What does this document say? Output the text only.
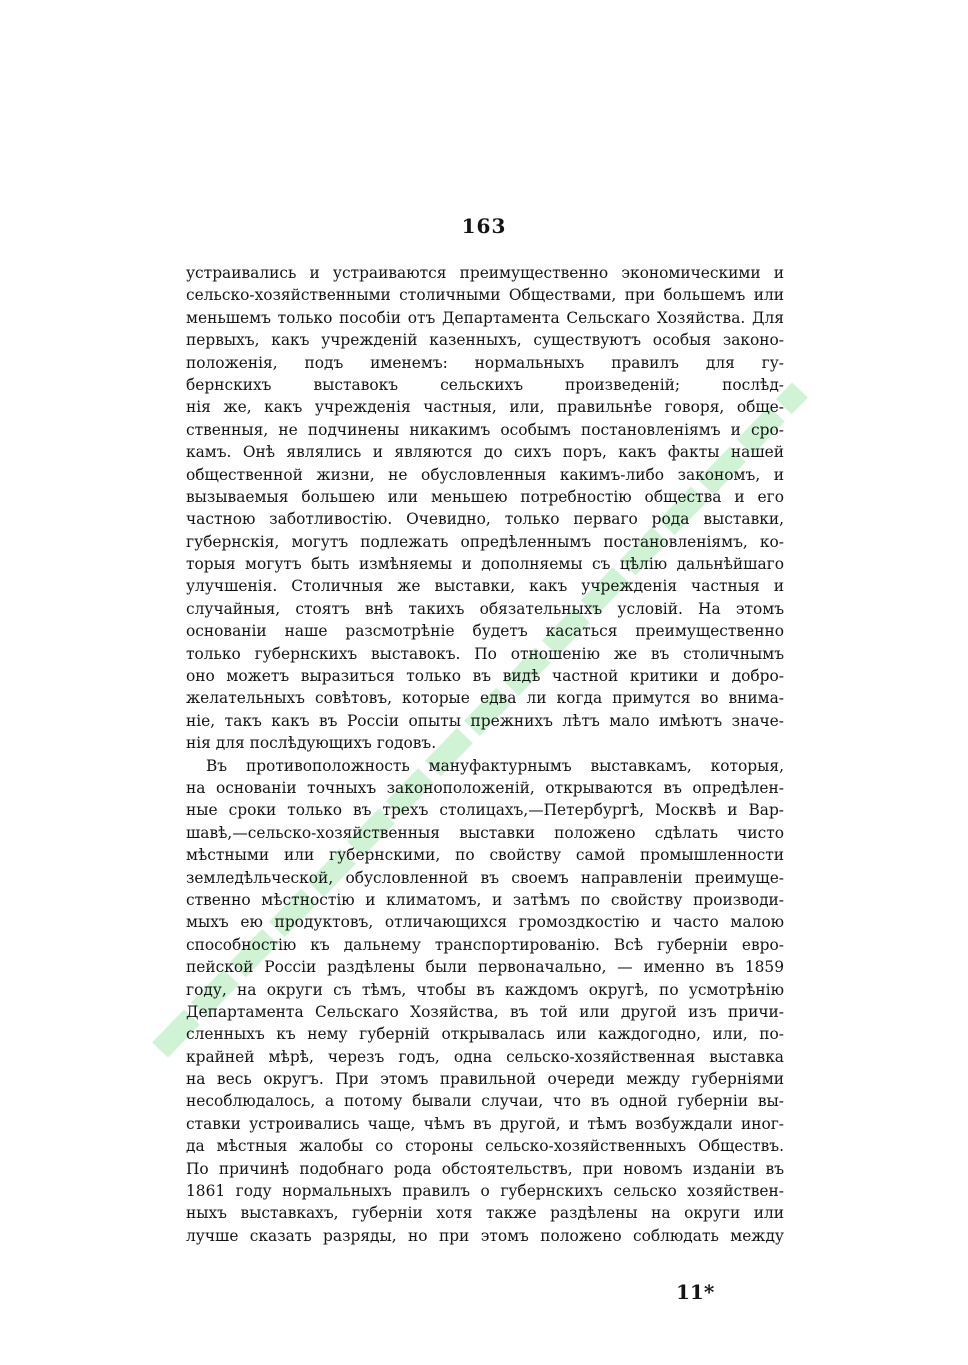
163
устраивались и устраиваются преимущественно экономическими и
сельско-хозяйственными столичными Обществами, при большемъ или
меньшемъ только пособіи отъ Департамента Сельскаго Хозяйства. Для
первыхъ, какъ учрежденій казенныхъ, существуютъ особыя законо-
положенія, подъ именемъ: нормальныхъ правилъ для гу-
бернскихъ выставокъ сельскихъ произведеній; послѣд-
нія же, какъ учрежденія частныя, или, правильнѣе говоря, обще-
ственныя, не подчинены никакимъ особымъ постановленіямъ и сро-
камъ. Онѣ являлись и являются до сихъ поръ, какъ факты нашей
общественной жизни, не обусловленныя какимъ-либо закономъ, и
вызываемыя большею или меньшею потребностію общества и его
частною заботливостію. Очевидно, только перваго рода выставки,
губернскія, могутъ подлежать опредѣленнымъ постановленіямъ, ко-
торыя могутъ быть измѣняемы и дополняемы съ цѣлію дальнѣйшаго
улучшенія. Столичныя же выставки, какъ учрежденія частныя и
случайныя, стоятъ внѣ такихъ обязательныхъ условій. На этомъ
основаніи наше разсмотрѣніе будетъ касаться преимущественно
только губернскихъ выставокъ. По отношенію же въ столичнымъ
оно можетъ выразиться только въ видѣ частной критики и добро-
желательныхъ совѣтовъ, которые едва ли когда примутся во внима-
ніе, такъ какъ въ Россіи опыты прежнихъ лѣтъ мало имѣютъ значе-
нія для послѣдующихъ годовъ.
Въ противоположность мануфактурнымъ выставкамъ, которыя,
на основаніи точныхъ законоположеній, открываются въ опредѣлен-
ные сроки только въ трехъ столицахъ,—Петербургѣ, Москвѣ и Вар-
шавѣ,—сельско-хозяйственныя выставки положено сдѣлать чисто
мѣстными или губернскими, по свойству самой промышленности
земледѣльческой, обусловленной въ своемъ направленіи преимуще-
ственно мѣстностію и климатомъ, и затѣмъ по свойству производи-
мыхъ ею продуктовъ, отличающихся громоздкостію и часто малою
способностію къ дальнему транспортированію. Всѣ губерніи евро-
пейской Россіи раздѣлены были первоначально, — именно въ 1859
году, на округи съ тѣмъ, чтобы въ каждомъ округѣ, по усмотрѣнію
Департамента Сельскаго Хозяйства, въ той или другой изъ причи-
сленныхъ къ нему губерній открывалась или каждогодно, или, по-
крайней мѣрѣ, черезъ годъ, одна сельско-хозяйственная выставка
на весь округъ. При этомъ правильной очереди между губерніями
несоблюдалось, а потому бывали случаи, что въ одной губерніи вы-
ставки устроивались чаще, чѣмъ въ другой, и тѣмъ возбуждали иног-
да мѣстныя жалобы со стороны сельско-хозяйственныхъ Обществъ.
По причинѣ подобнаго рода обстоятельствъ, при новомъ изданіи въ
1861 году нормальныхъ правилъ о губернскихъ сельско хозяйствен-
ныхъ выставкахъ, губерніи хотя также раздѣлены на округи или
лучше сказать разряды, но при этомъ положено соблюдать между
11*
